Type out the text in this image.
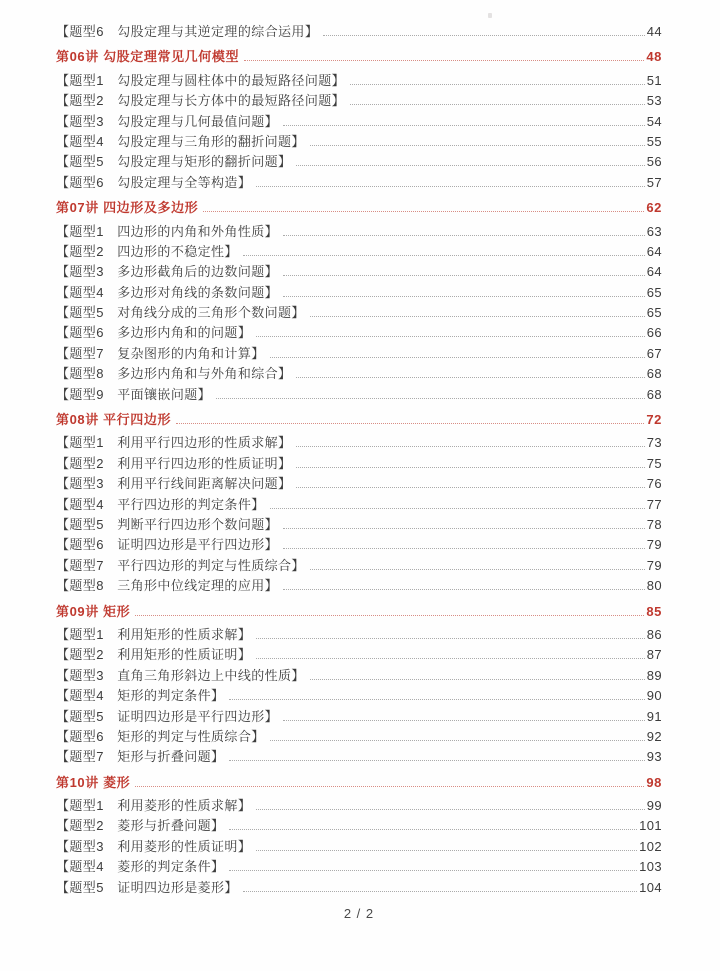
【题型6　勾股定理与其逆定理的综合运用】	44
第06讲 勾股定理常见几何模型	48
【题型1　勾股定理与圆柱体中的最短路径问题】	51
【题型2　勾股定理与长方体中的最短路径问题】	53
【题型3　勾股定理与几何最值问题】	54
【题型4　勾股定理与三角形的翻折问题】	55
【题型5　勾股定理与矩形的翻折问题】	56
【题型6　勾股定理与全等构造】	57
第07讲 四边形及多边形	62
【题型1　四边形的内角和外角性质】	63
【题型2　四边形的不稳定性】	64
【题型3　多边形截角后的边数问题】	64
【题型4　多边形对角线的条数问题】	65
【题型5　对角线分成的三角形个数问题】	65
【题型6　多边形内角和的问题】	66
【题型7　复杂图形的内角和计算】	67
【题型8　多边形内角和与外角和综合】	68
【题型9　平面镶嵌问题】	68
第08讲 平行四边形	72
【题型1　利用平行四边形的性质求解】	73
【题型2　利用平行四边形的性质证明】	75
【题型3　利用平行线间距离解决问题】	76
【题型4　平行四边形的判定条件】	77
【题型5　判断平行四边形个数问题】	78
【题型6　证明四边形是平行四边形】	79
【题型7　平行四边形的判定与性质综合】	79
【题型8　三角形中位线定理的应用】	80
第09讲 矩形	85
【题型1　利用矩形的性质求解】	86
【题型2　利用矩形的性质证明】	87
【题型3　直角三角形斜边上中线的性质】	89
【题型4　矩形的判定条件】	90
【题型5　证明四边形是平行四边形】	91
【题型6　矩形的判定与性质综合】	92
【题型7　矩形与折叠问题】	93
第10讲 菱形	98
【题型1　利用菱形的性质求解】	99
【题型2　菱形与折叠问题】	101
【题型3　利用菱形的性质证明】	102
【题型4　菱形的判定条件】	103
【题型5　证明四边形是菱形】	104
2 / 2
